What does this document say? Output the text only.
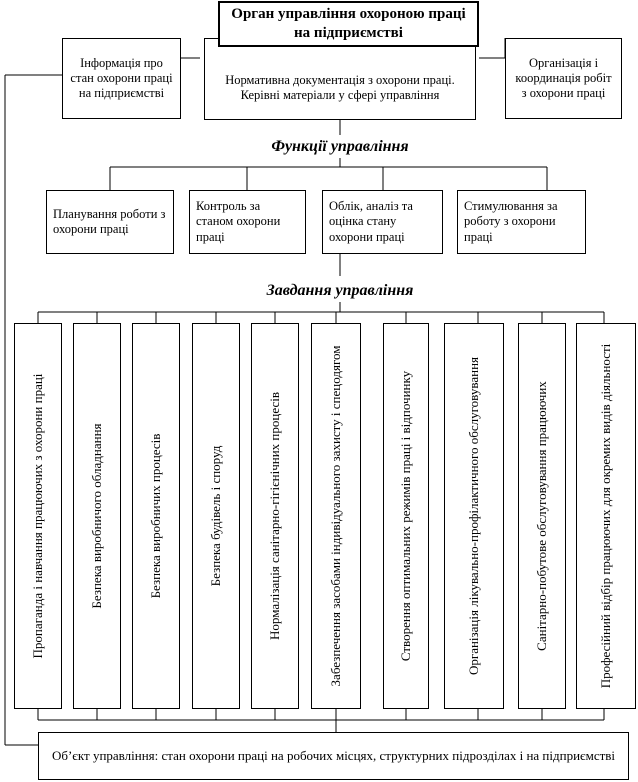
Нормативна документація з охорони праці. Керівні матеріали у сфері управління
Орган управління охороною праці на підприємстві
Інформація про стан охорони праці на підприємстві
Організація і координація робіт з охорони праці
Функції управління
Планування роботи з охорони праці
Контроль за станом охорони праці
Облік, аналіз та оцінка стану охорони праці
Стимулювання за роботу з охорони праці
Завдання управління
Пропаганда і навчання працюючих з охорони праці	Безпека виробничого обладнання	Безпека виробничих процесів	Безпека будівель і споруд	Нормалізація санітарно-гігієнічних процесів	Забезпечення засобами індивідуального захисту і спецодягом	Створення оптимальних режимів праці і відпочинку	Організація лікувально-профілактичного обслуговування	Санітарно-побутове обслуговування працюючих	Професійний відбір працюючих для окремих видів діяльності
Об’єкт управління: стан охорони праці на робочих місцях, структурних підрозділах і на підприємстві
